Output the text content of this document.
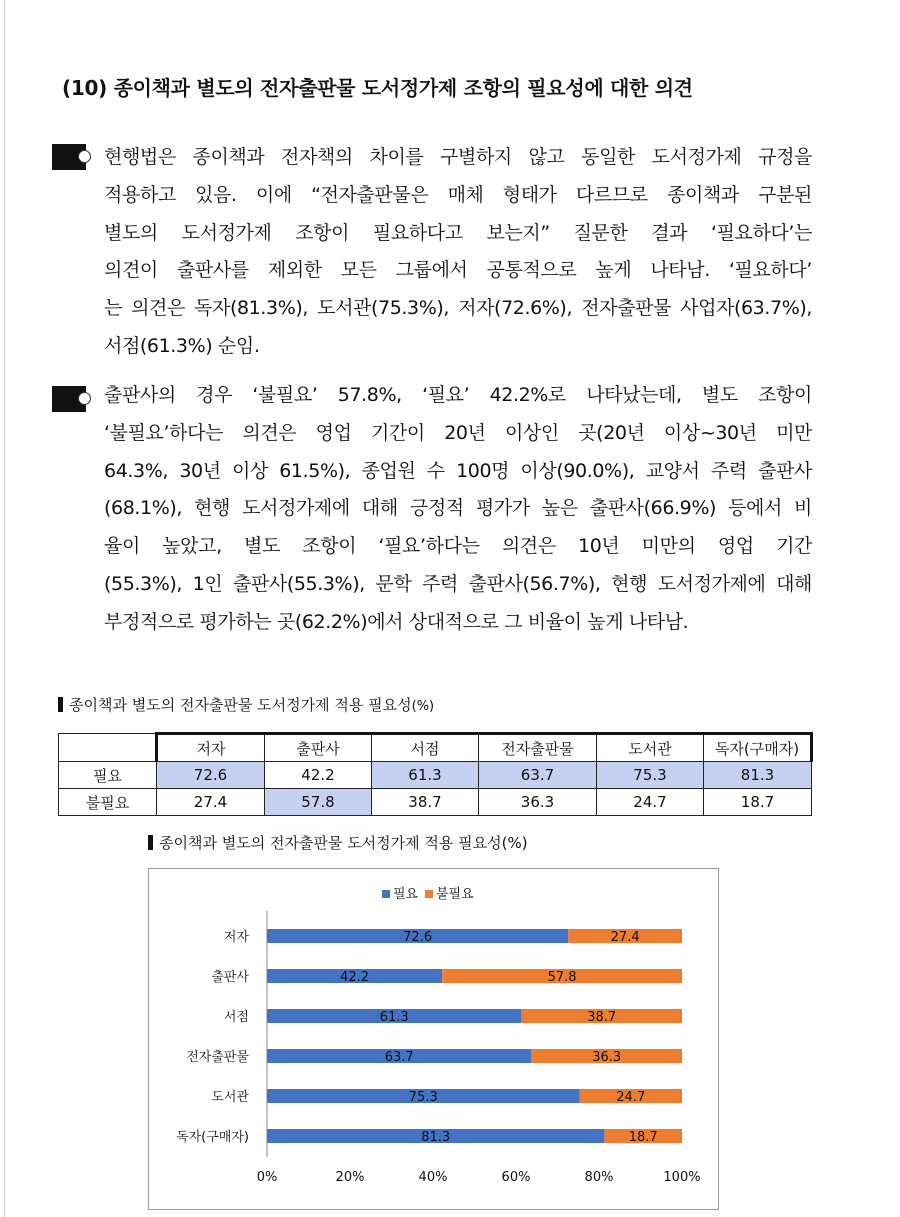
(10) 종이책과 별도의 전자출판물 도서정가제 조항의 필요성에 대한 의견
현행법은 종이책과 전자책의 차이를 구별하지 않고 동일한 도서정가제 규정을
적용하고 있음. 이에 “전자출판물은 매체 형태가 다르므로 종이책과 구분된
별도의 도서정가제 조항이 필요하다고 보는지” 질문한 결과 ‘필요하다’는
의견이 출판사를 제외한 모든 그룹에서 공통적으로 높게 나타남. ‘필요하다’
는 의견은 독자(81.3%), 도서관(75.3%), 저자(72.6%), 전자출판물 사업자(63.7%),
서점(61.3%) 순임.
출판사의 경우 ‘불필요’ 57.8%, ‘필요’ 42.2%로 나타났는데, 별도 조항이
‘불필요’하다는 의견은 영업 기간이 20년 이상인 곳(20년 이상~30년 미만
64.3%, 30년 이상 61.5%), 종업원 수 100명 이상(90.0%), 교양서 주력 출판사
(68.1%), 현행 도서정가제에 대해 긍정적 평가가 높은 출판사(66.9%) 등에서 비
율이 높았고, 별도 조항이 ‘필요’하다는 의견은 10년 미만의 영업 기간
(55.3%), 1인 출판사(55.3%), 문학 주력 출판사(56.7%), 현행 도서정가제에 대해
부정적으로 평가하는 곳(62.2%)에서 상대적으로 그 비율이 높게 나타남.
종이책과 별도의 전자출판물 도서정가제 적용 필요성(%)
	저자	출판사	서점	전자출판물	도서관	독자(구매자)
필요	72.6	42.2	61.3	63.7	75.3	81.3
불필요	27.4	57.8	38.7	36.3	24.7	18.7
종이책과 별도의 전자출판물 도서정가제 적용 필요성(%)
필요 불필요
저자	72.6	27.4
출판사	42.2	57.8
서점	61.3	38.7
전자출판물	63.7	36.3
도서관	75.3	24.7
독자(구매자)	81.3	18.7
0%	20%	40%	60%	80%	100%
